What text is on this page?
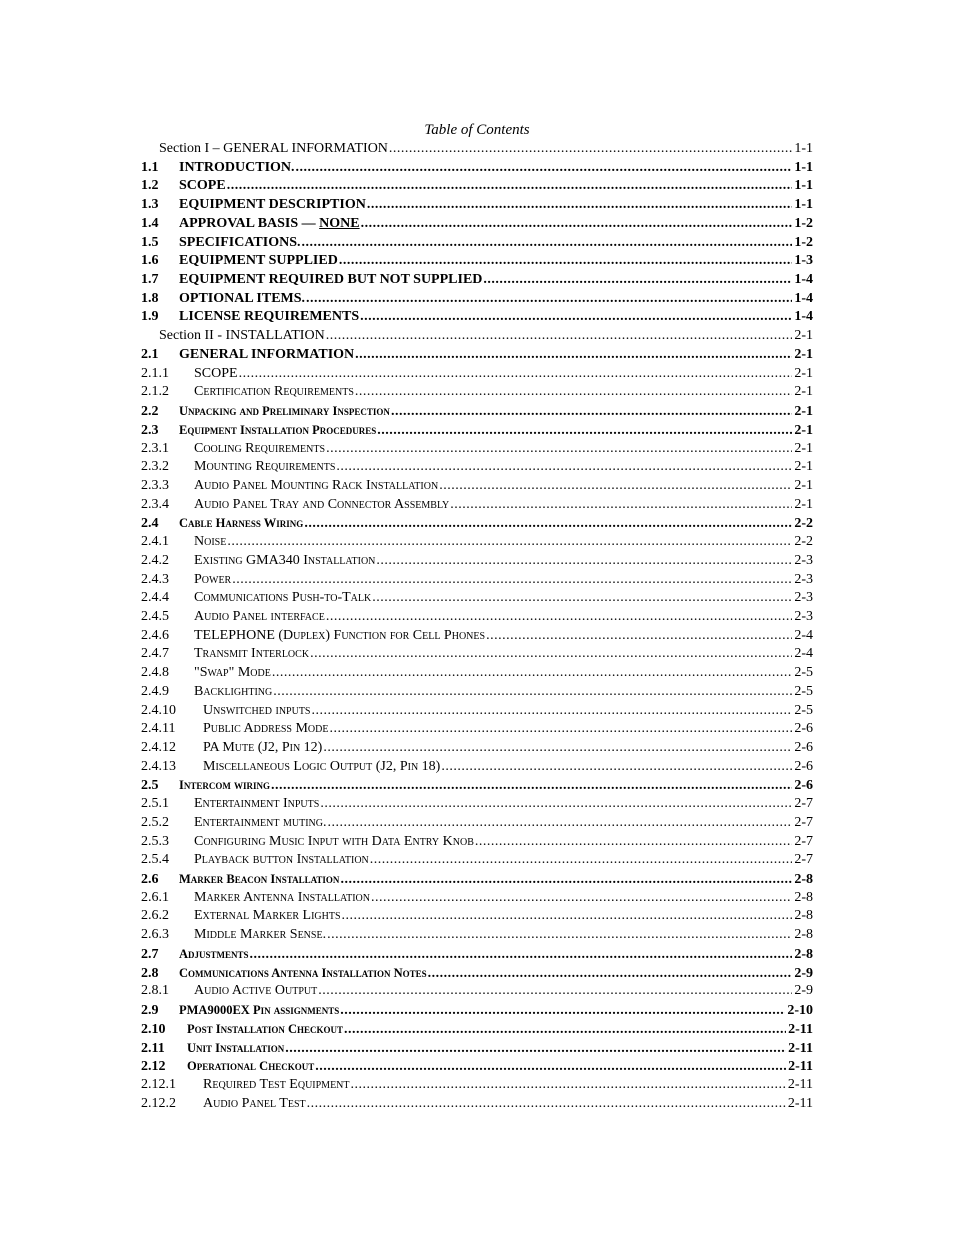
Table of Contents
Section I – GENERAL INFORMATION .....	1-1
1.1	INTRODUCTION. .....	1-1
1.2	SCOPE .....	1-1
1.3	EQUIPMENT DESCRIPTION .....	1-1
1.4	APPROVAL BASIS — NONE .....	1-2
1.5	SPECIFICATIONS. .....	1-2
1.6	EQUIPMENT SUPPLIED .....	1-3
1.7	EQUIPMENT REQUIRED BUT NOT SUPPLIED .....	1-4
1.8	OPTIONAL ITEMS. .....	1-4
1.9	LICENSE REQUIREMENTS .....	1-4
Section II - INSTALLATION .....	2-1
2.1	GENERAL INFORMATION .....	2-1
2.1.1	SCOPE .....	2-1
2.1.2	Certification Requirements .....	2-1
2.2	Unpacking and Preliminary Inspection .....	2-1
2.3	Equipment Installation Procedures .....	2-1
2.3.1	Cooling Requirements .....	2-1
2.3.2	Mounting Requirements .....	2-1
2.3.3	Audio Panel Mounting Rack Installation .....	2-1
2.3.4	Audio Panel Tray and Connector Assembly .....	2-1
2.4	Cable Harness Wiring .....	2-2
2.4.1	Noise .....	2-2
2.4.2	Existing GMA340 Installation .....	2-3
2.4.3	Power .....	2-3
2.4.4	Communications Push-to-Talk .....	2-3
2.4.5	Audio Panel interface .....	2-3
2.4.6	TELEPHONE (Duplex) Function for Cell Phones .....	2-4
2.4.7	Transmit Interlock .....	2-4
2.4.8	"Swap" Mode .....	2-5
2.4.9	Backlighting .....	2-5
2.4.10	Unswitched inputs .....	2-5
2.4.11	Public Address Mode .....	2-6
2.4.12	PA Mute (J2, Pin 12) .....	2-6
2.4.13	Miscellaneous Logic Output (J2, Pin 18) .....	2-6
2.5	Intercom wiring .....	2-6
2.5.1	Entertainment Inputs .....	2-7
2.5.2	Entertainment muting. .....	2-7
2.5.3	Configuring Music Input with Data Entry Knob .....	2-7
2.5.4	Playback button Installation .....	2-7
2.6	Marker Beacon Installation .....	2-8
2.6.1	Marker Antenna Installation .....	2-8
2.6.2	External Marker Lights .....	2-8
2.6.3	Middle Marker Sense. .....	2-8
2.7	Adjustments .....	2-8
2.8	Communications Antenna Installation Notes .....	2-9
2.8.1	Audio Active Output .....	2-9
2.9	PMA9000EX Pin assignments .....	2-10
2.10	Post Installation Checkout .....	2-11
2.11	Unit Installation .....	2-11
2.12	Operational Checkout .....	2-11
2.12.1	Required Test Equipment .....	2-11
2.12.2	Audio Panel Test .....	2-11
